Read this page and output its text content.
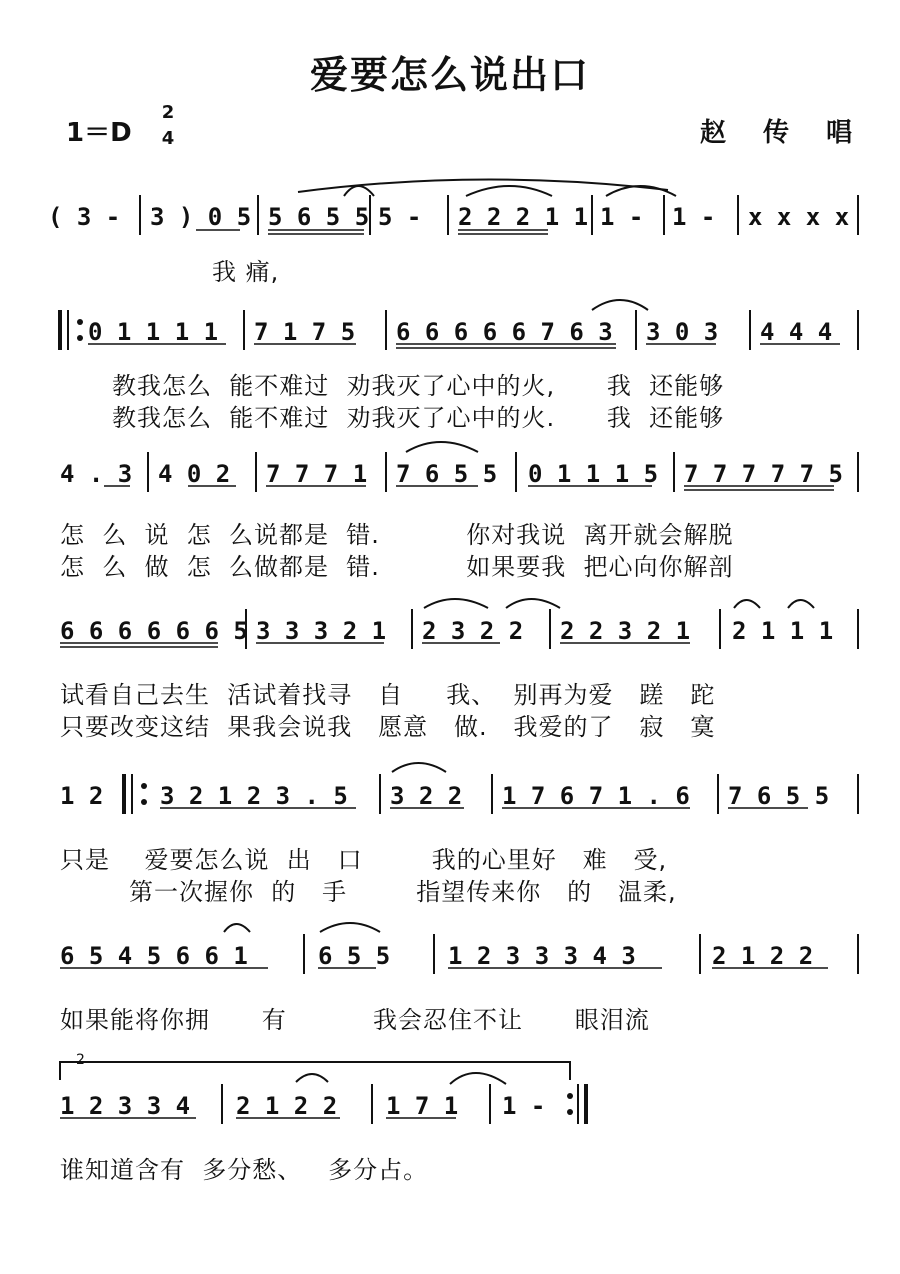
爱要怎么说出口
1＝D
2
4	赵 传 唱
( 3 - 3 ) 0 5 5 6 5 5 5 - 2 2 2 1 1 1 - 1 - x x x x
我 痛,
0 1 1 1 1 7 1 7 5 6 6 6 6 6 7 6 3 3 0 3 4 4 4
教我怎么  能不难过  劝我灭了心中的火,      我  还能够
教我怎么  能不难过  劝我灭了心中的火.      我  还能够
4 . 3 4 0 2 7 7 7 1 7 6 5 5 0 1 1 1 5 7 7 7 7 7 5
怎  么  说  怎  么说都是  错.          你对我说  离开就会解脱
怎  么  做  怎  么做都是  错.          如果要我  把心向你解剖
6 6 6 6 6 6 5 3 3 3 2 1 2 3 2 2 2 2 3 2 1 2 1 1 1
试看自己去生  活试着找寻   自     我、  别再为爱   蹉   跎
只要改变这结  果我会说我   愿意   做.   我爱的了   寂   寞
1 2 3 2 1 2 3 . 5 3 2 2 1 7 6 7 1 . 6 7 6 5 5
只是    爱要怎么说  出   口        我的心里好   难   受,
第一次握你  的   手        指望传来你   的   温柔,
6 5 4 5 6 6 1	6 5 5 1 2 3 3 3 4 3	2 1 2 2
如果能将你拥      有          我会忍住不让      眼泪流
1 2 3 3 4 2 1 2 2 1 7 1 1 -
谁知道含有  多分愁、   多分占。
2
